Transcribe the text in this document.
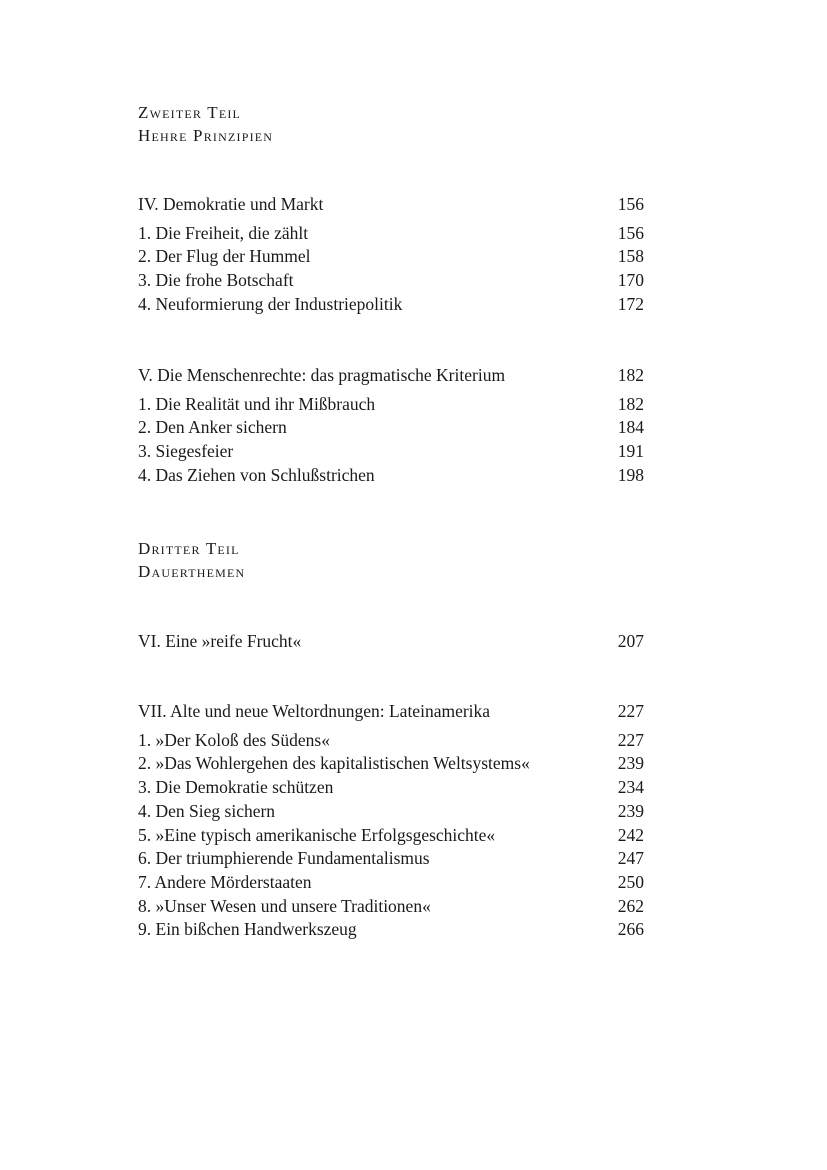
Zweiter Teil
Hehre Prinzipien
IV. Demokratie und Markt	156
1. Die Freiheit, die zählt	156
2. Der Flug der Hummel	158
3. Die frohe Botschaft	170
4. Neuformierung der Industriepolitik	172
V. Die Menschenrechte: das pragmatische Kriterium	182
1. Die Realität und ihr Mißbrauch	182
2. Den Anker sichern	184
3. Siegesfeier	191
4. Das Ziehen von Schlußstrichen	198
Dritter Teil
Dauerthemen
VI. Eine »reife Frucht«	207
VII. Alte und neue Weltordnungen: Lateinamerika	227
1. »Der Koloß des Südens«	227
2. »Das Wohlergehen des kapitalistischen Weltsystems«	239
3. Die Demokratie schützen	234
4. Den Sieg sichern	239
5. »Eine typisch amerikanische Erfolgsgeschichte«	242
6. Der triumphierende Fundamentalismus	247
7. Andere Mörderstaaten	250
8. »Unser Wesen und unsere Traditionen«	262
9. Ein bißchen Handwerkszeug	266
